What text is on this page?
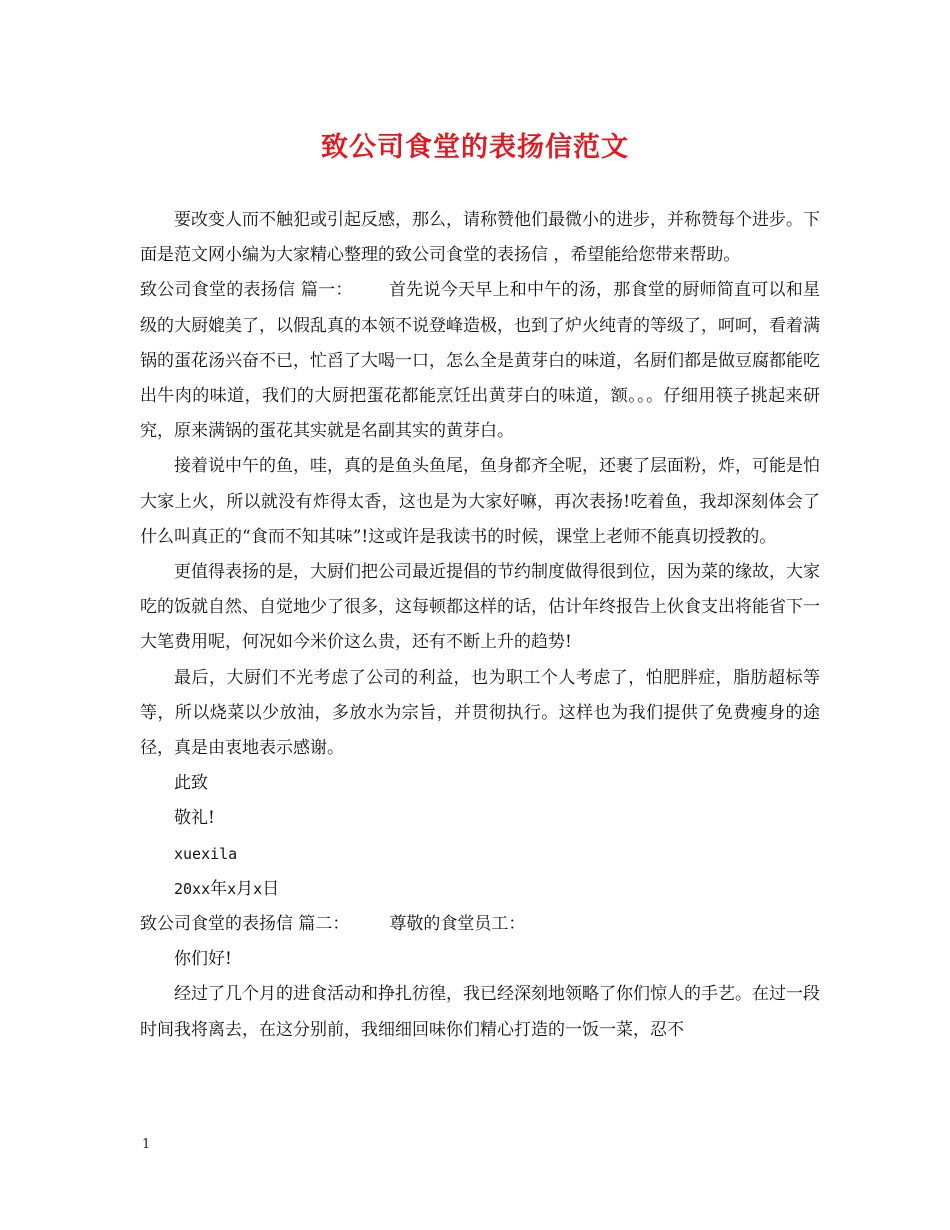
致公司食堂的表扬信范文

要改变人而不触犯或引起反感，那么，请称赞他们最微小的进步，并称赞每个进步。下面是范文网小编为大家精心整理的致公司食堂的表扬信 ，希望能给您带来帮助。

致公司食堂的表扬信 篇一： 首先说今天早上和中午的汤，那食堂的厨师简直可以和星级的大厨媲美了，以假乱真的本领不说登峰造极，也到了炉火纯青的等级了，呵呵，看着满锅的蛋花汤兴奋不已，忙舀了大喝一口，怎么全是黄芽白的味道，名厨们都是做豆腐都能吃出牛肉的味道，我们的大厨把蛋花都能烹饪出黄芽白的味道，额。。。仔细用筷子挑起来研究，原来满锅的蛋花其实就是名副其实的黄芽白。

接着说中午的鱼，哇，真的是鱼头鱼尾，鱼身都齐全呢，还裹了层面粉，炸，可能是怕大家上火，所以就没有炸得太香，这也是为大家好嘛，再次表扬!吃着鱼，我却深刻体会了什么叫真正的“食而不知其味”!这或许是我读书的时候，课堂上老师不能真切授教的。

更值得表扬的是，大厨们把公司最近提倡的节约制度做得很到位，因为菜的缘故，大家吃的饭就自然、自觉地少了很多，这每顿都这样的话，估计年终报告上伙食支出将能省下一大笔费用呢，何况如今米价这么贵，还有不断上升的趋势!

最后，大厨们不光考虑了公司的利益，也为职工个人考虑了，怕肥胖症，脂肪超标等等，所以烧菜以少放油，多放水为宗旨，并贯彻执行。这样也为我们提供了免费瘦身的途径，真是由衷地表示感谢。

此致

敬礼!

xuexila

20xx年x月x日

致公司食堂的表扬信 篇二： 尊敬的食堂员工：

你们好!

经过了几个月的进食活动和挣扎彷徨，我已经深刻地领略了你们惊人的手艺。在过一段时间我将离去，在这分别前，我细细回味你们精心打造的一饭一菜，忍不

1
